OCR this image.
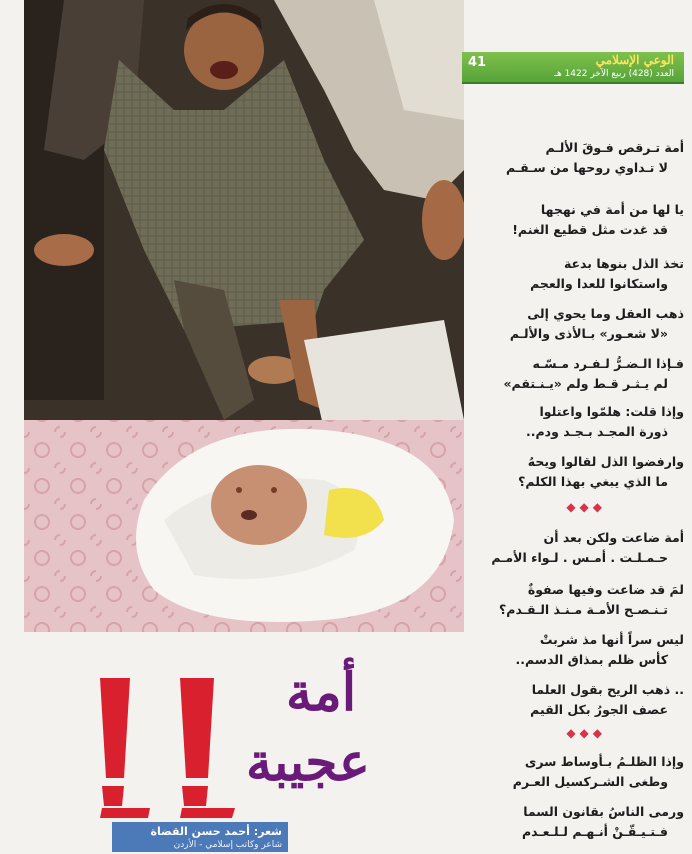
41	الوعي الإسلامي
العدد (428) ربيع الآخر 1422 هـ
أمة تـرقص فـوقَ الألـم
لا تـداوي روحها من سـقـم
يا لها من أمة في نهجها
قد غدت مثل قطيع الغنم!
تخذ الذل بنوها بدعة
واستكانوا للعدا والعجم
ذهب العقل وما يحوي إلى
«لا شعـور» بـالأذى والألـم
فـإذا الـضـرُّ لـفـرد مـسّـه
لم يـثـر قـط ولم «يـنـتقم»
وإذا قلت: هلمّوا واعتلوا
ذورة المجـد بـجـد ودم..
وارفضوا الذل لقالوا ويحهُ
ما الذي يبغي بهذا الكلم؟
◆◆◆
أمة ضاعت ولكن بعد أن
حـمـلـت . أمـس . لـواء الأمـم
لمَ قد ضاعت وفيها صفوةٌ
تـنـصـح الأمـة مـنـذ الـقـدم؟
ليس سراً أنها مذ شربتْ
كأس ظلم بمذاق الدسم..
.. ذهب الريح بقول العلما
عصف الجورُ بكل القيم
◆◆◆
وإذا الظلـمُ بـأوساط سرى
وطغى الشـركسيل العـرم
ورمى الناسُ بقانون السما
فـتـيـقّـنْ أنـهـم لـلـعـدم
أمة
عجيبة
شعر: أحمد حسن القضاة
شاعر وكاتب إسلامي - الأردن
